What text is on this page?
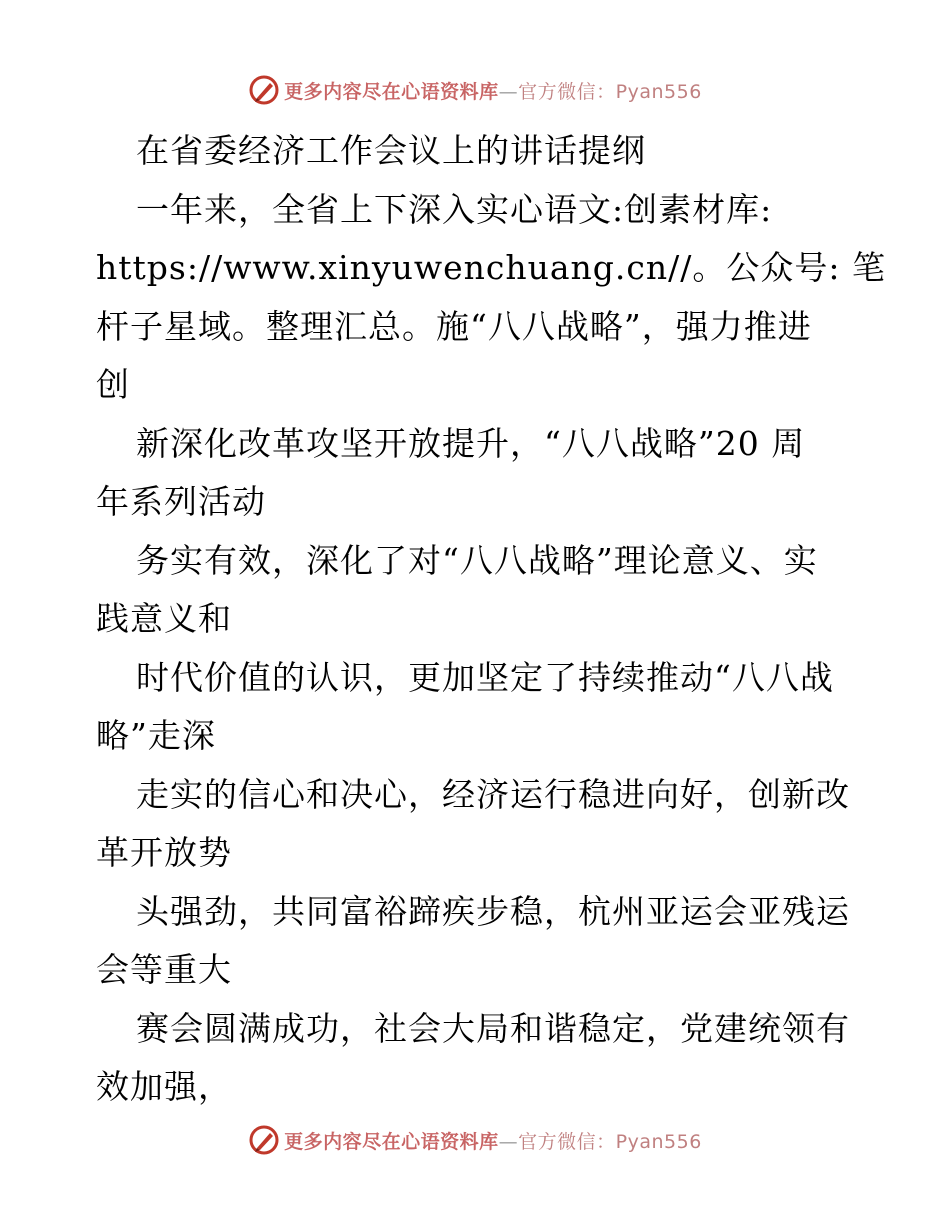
更多内容尽在心语资料库—官方微信：Pyan556
在省委经济工作会议上的讲话提纲
一年来，全省上下深入实心语文:创素材库:
https://www.xinyuwenchuang.cn//。公众号: 笔
杆子星域。整理汇总。施“八八战略”，强力推进
创
新深化改革攻坚开放提升，“八八战略”20 周
年系列活动
务实有效，深化了对“八八战略”理论意义、实
践意义和
时代价值的认识，更加坚定了持续推动“八八战
略”走深
走实的信心和决心，经济运行稳进向好，创新改
革开放势
头强劲，共同富裕蹄疾步稳，杭州亚运会亚残运
会等重大
赛会圆满成功，社会大局和谐稳定，党建统领有
效加强，
更多内容尽在心语资料库—官方微信：Pyan556
